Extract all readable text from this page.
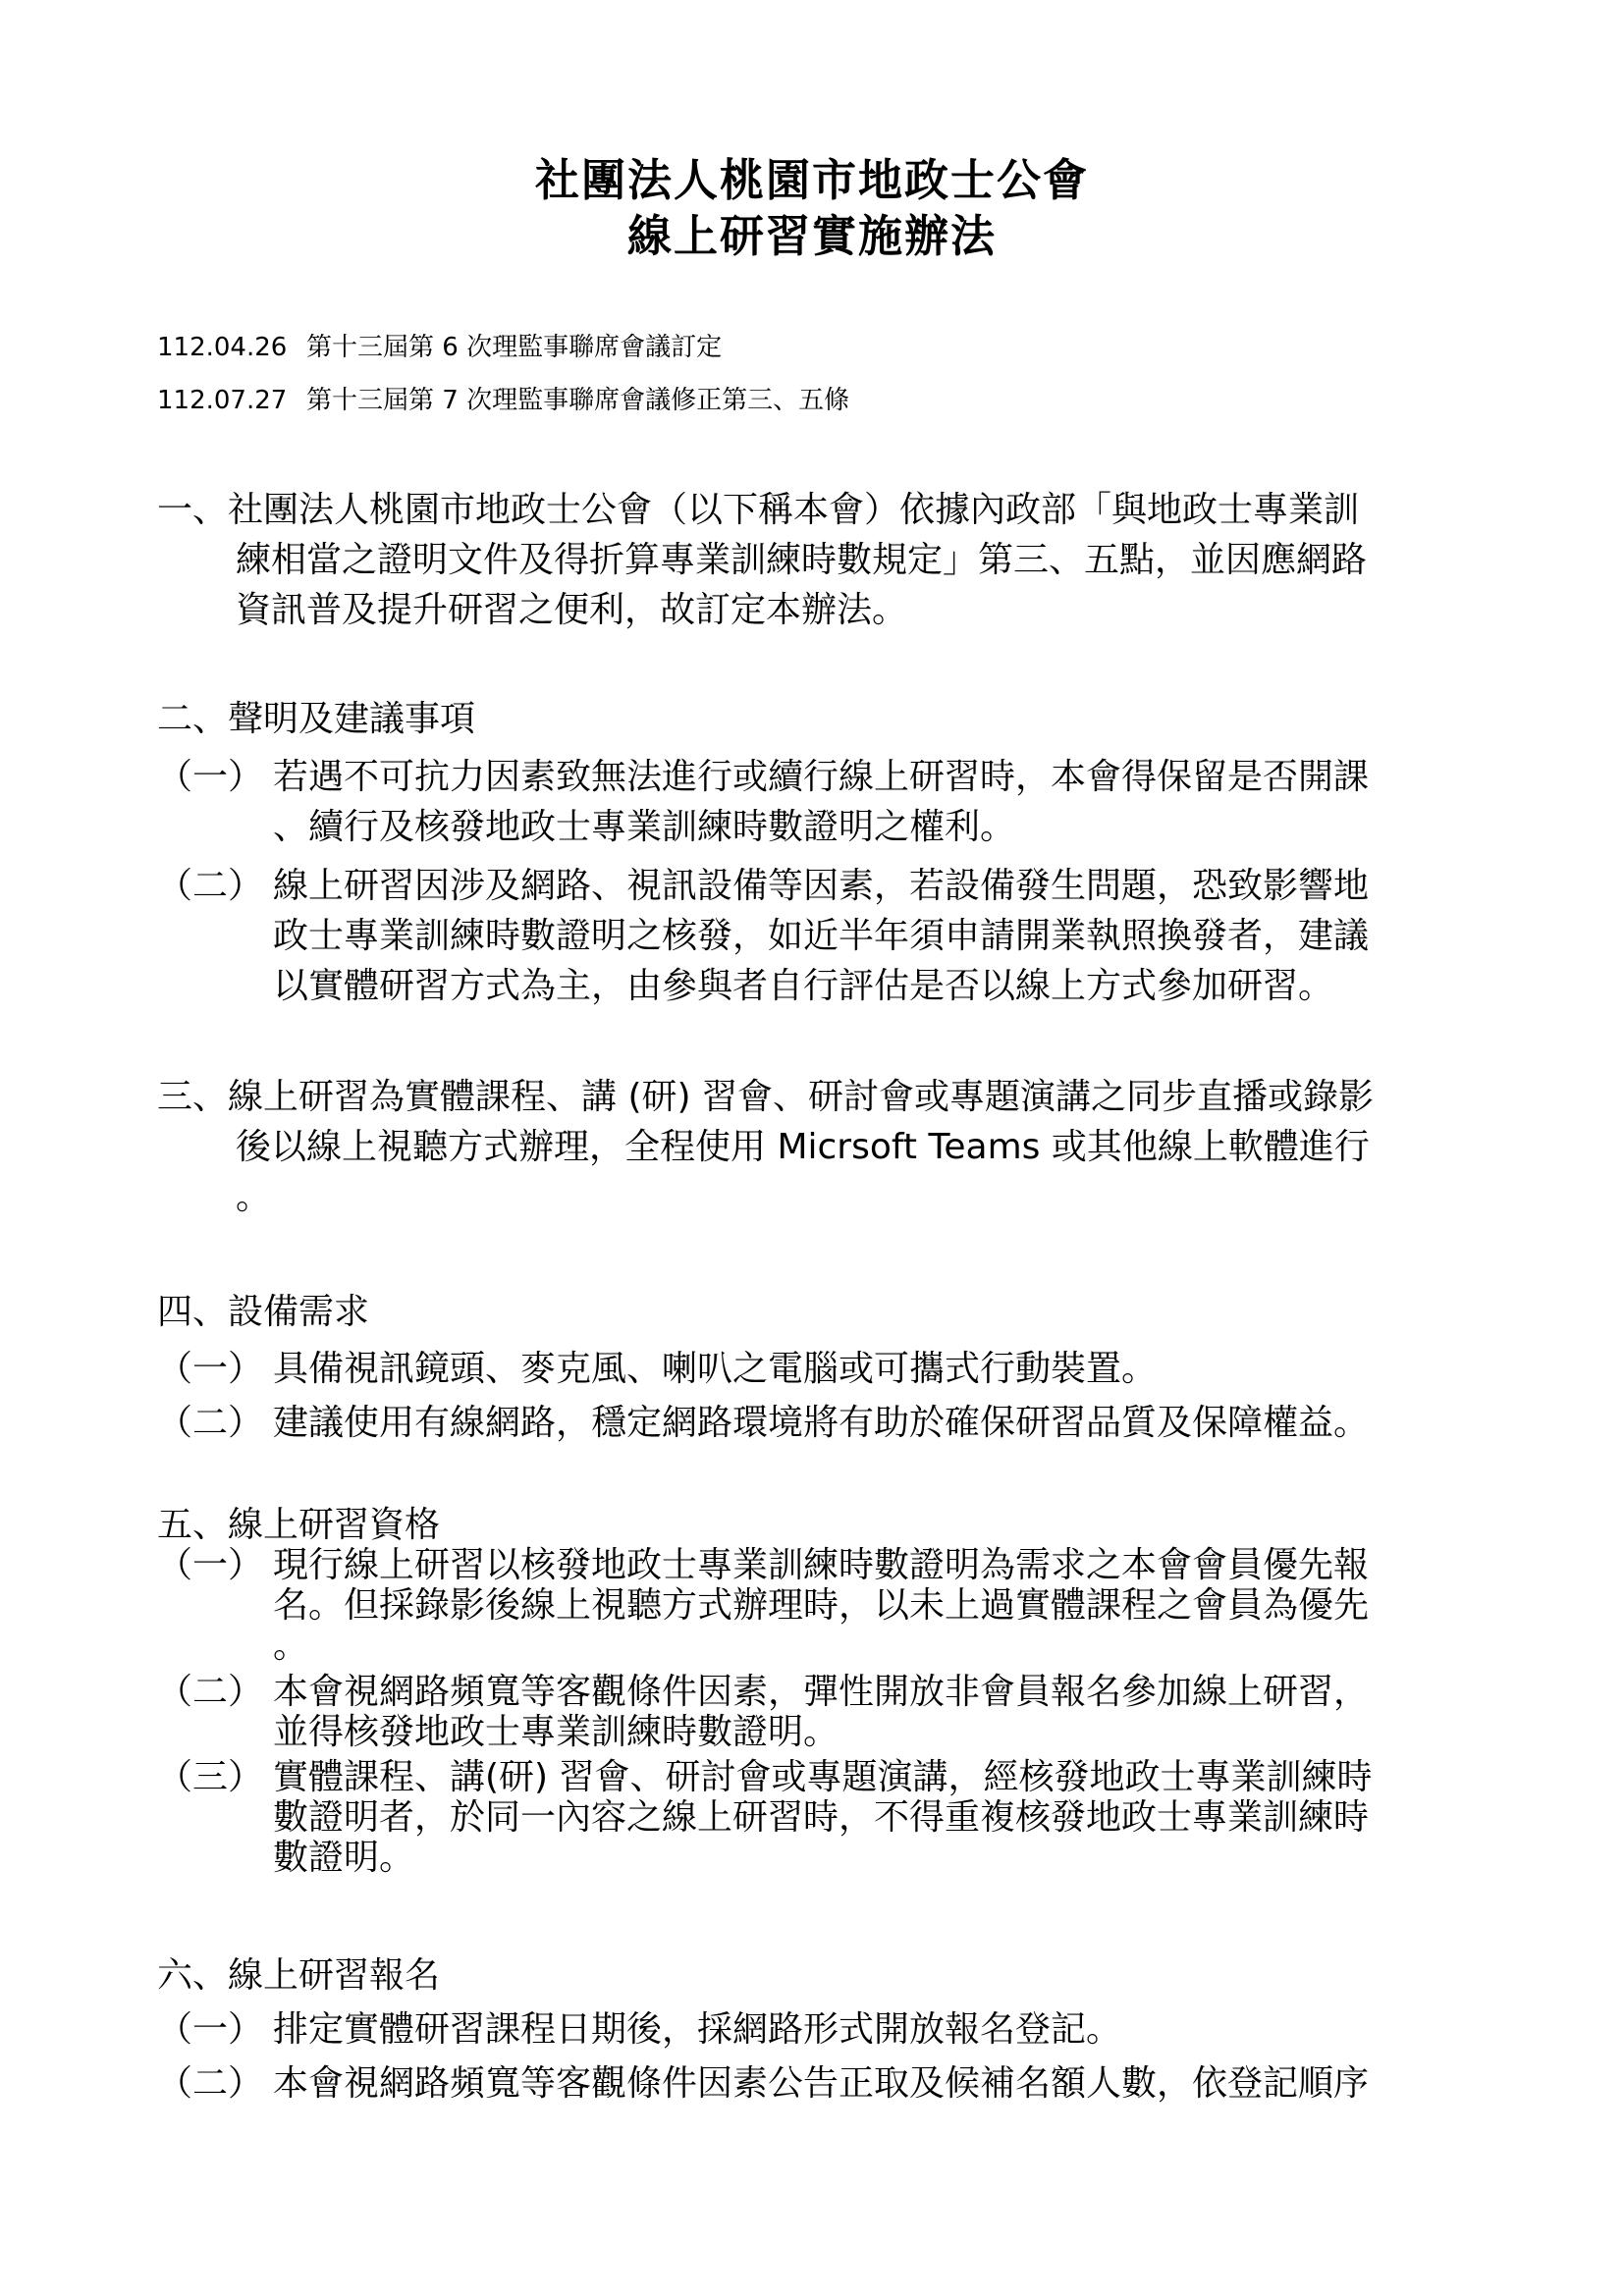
社團法人桃園市地政士公會
線上研習實施辦法
112.04.26 第十三屆第 6 次理監事聯席會議訂定
112.07.27 第十三屆第 7 次理監事聯席會議修正第三、五條
一、社團法人桃園市地政士公會（以下稱本會）依據內政部「與地政士專業訓
練相當之證明文件及得折算專業訓練時數規定」第三、五點，並因應網路
資訊普及提升研習之便利，故訂定本辦法。
二、聲明及建議事項
（一） 若遇不可抗力因素致無法進行或續行線上研習時，本會得保留是否開課
、續行及核發地政士專業訓練時數證明之權利。
（二） 線上研習因涉及網路、視訊設備等因素，若設備發生問題，恐致影響地
政士專業訓練時數證明之核發，如近半年須申請開業執照換發者，建議
以實體研習方式為主，由參與者自行評估是否以線上方式參加研習。
三、線上研習為實體課程、講 (研) 習會、研討會或專題演講之同步直播或錄影
後以線上視聽方式辦理，全程使用 Micrsoft Teams 或其他線上軟體進行
。
四、設備需求
（一） 具備視訊鏡頭、麥克風、喇叭之電腦或可攜式行動裝置。
（二） 建議使用有線網路，穩定網路環境將有助於確保研習品質及保障權益。
五、線上研習資格
（一） 現行線上研習以核發地政士專業訓練時數證明為需求之本會會員優先報
名。但採錄影後線上視聽方式辦理時，以未上過實體課程之會員為優先
。
（二） 本會視網路頻寬等客觀條件因素，彈性開放非會員報名參加線上研習，
並得核發地政士專業訓練時數證明。
（三） 實體課程、講(研) 習會、研討會或專題演講，經核發地政士專業訓練時
數證明者，於同一內容之線上研習時，不得重複核發地政士專業訓練時
數證明。
六、線上研習報名
（一） 排定實體研習課程日期後，採網路形式開放報名登記。
（二） 本會視網路頻寬等客觀條件因素公告正取及候補名額人數，依登記順序
